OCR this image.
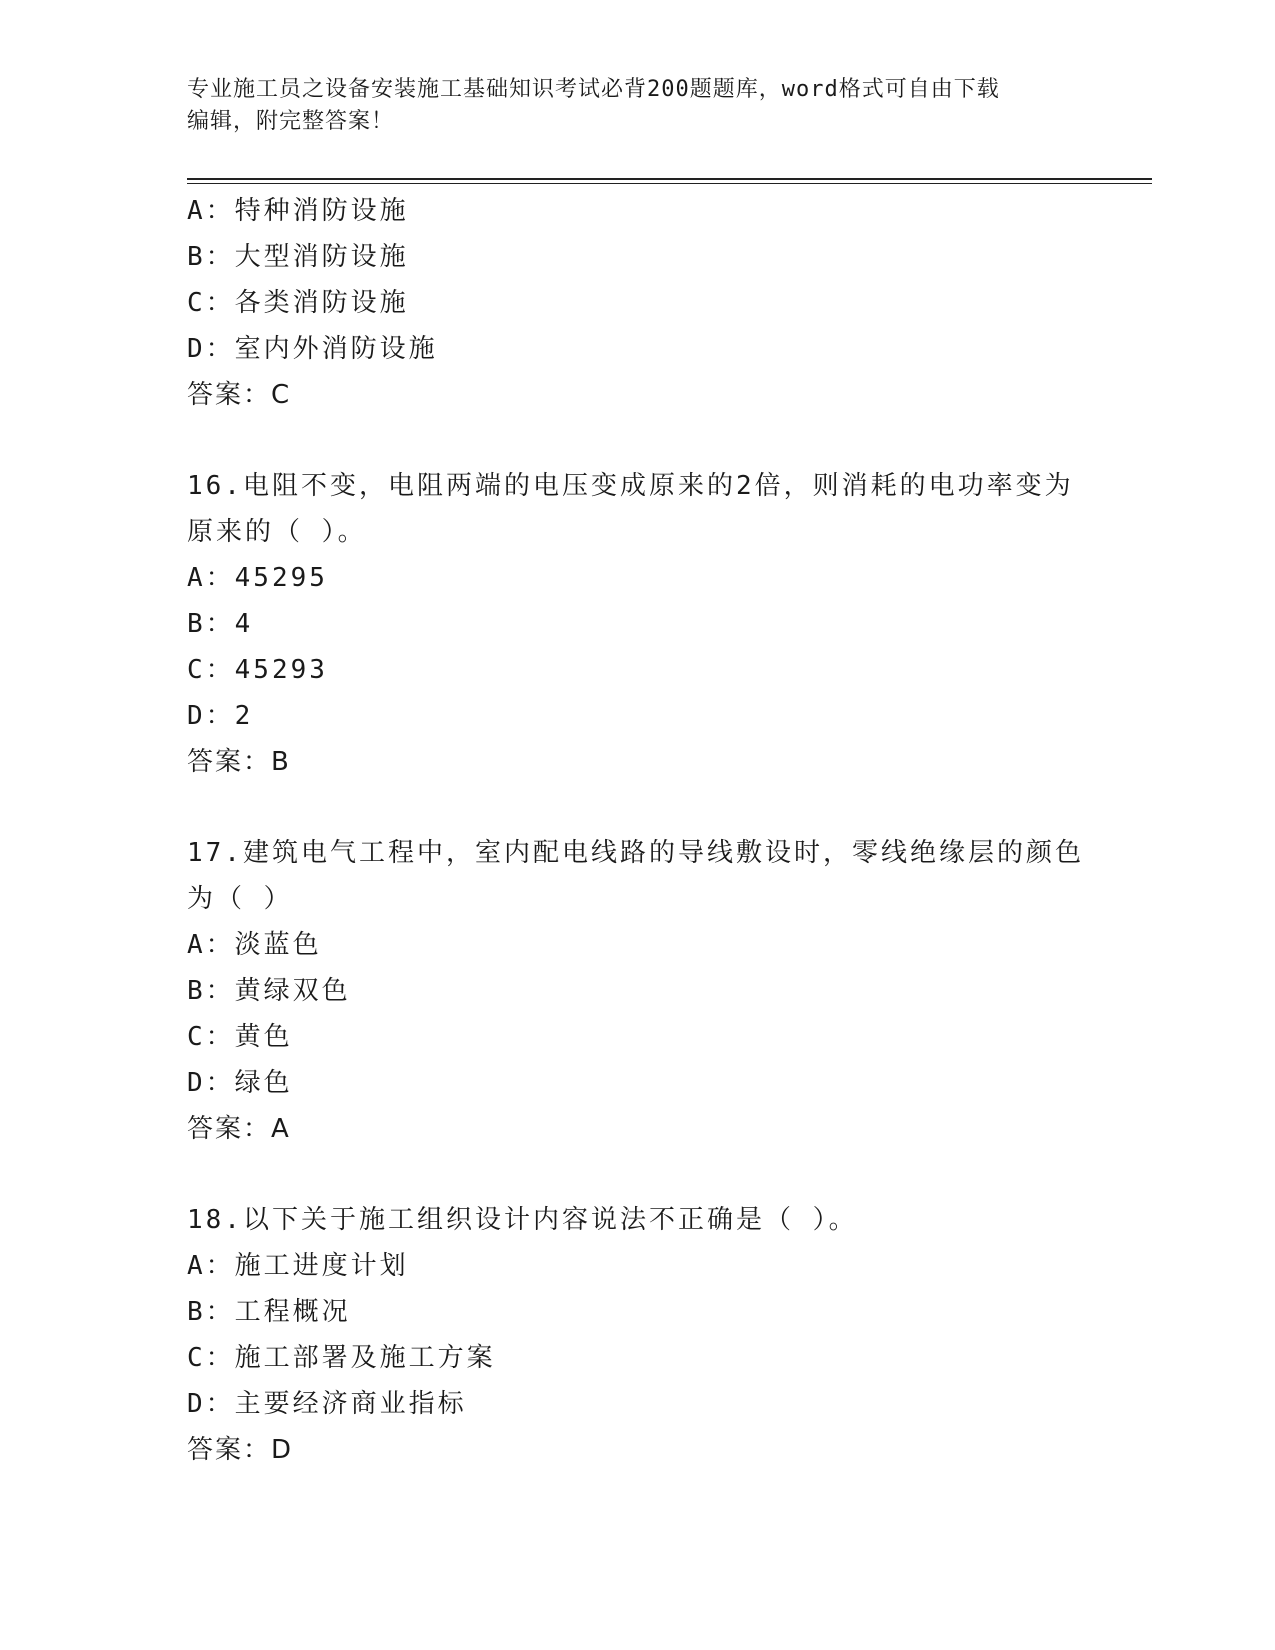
专业施工员之设备安装施工基础知识考试必背200题题库，word格式可自由下载
编辑，附完整答案！
A：特种消防设施
B：大型消防设施
C：各类消防设施
D：室内外消防设施
答案：C
16.电阻不变，电阻两端的电压变成原来的2倍，则消耗的电功率变为
原来的（ ）。
A：45295
B：4
C：45293
D：2
答案：B
17.建筑电气工程中，室内配电线路的导线敷设时，零线绝缘层的颜色
为（ ）
A：淡蓝色
B：黄绿双色
C：黄色
D：绿色
答案：A
18.以下关于施工组织设计内容说法不正确是（ ）。
A：施工进度计划
B：工程概况
C：施工部署及施工方案
D：主要经济商业指标
答案：D
